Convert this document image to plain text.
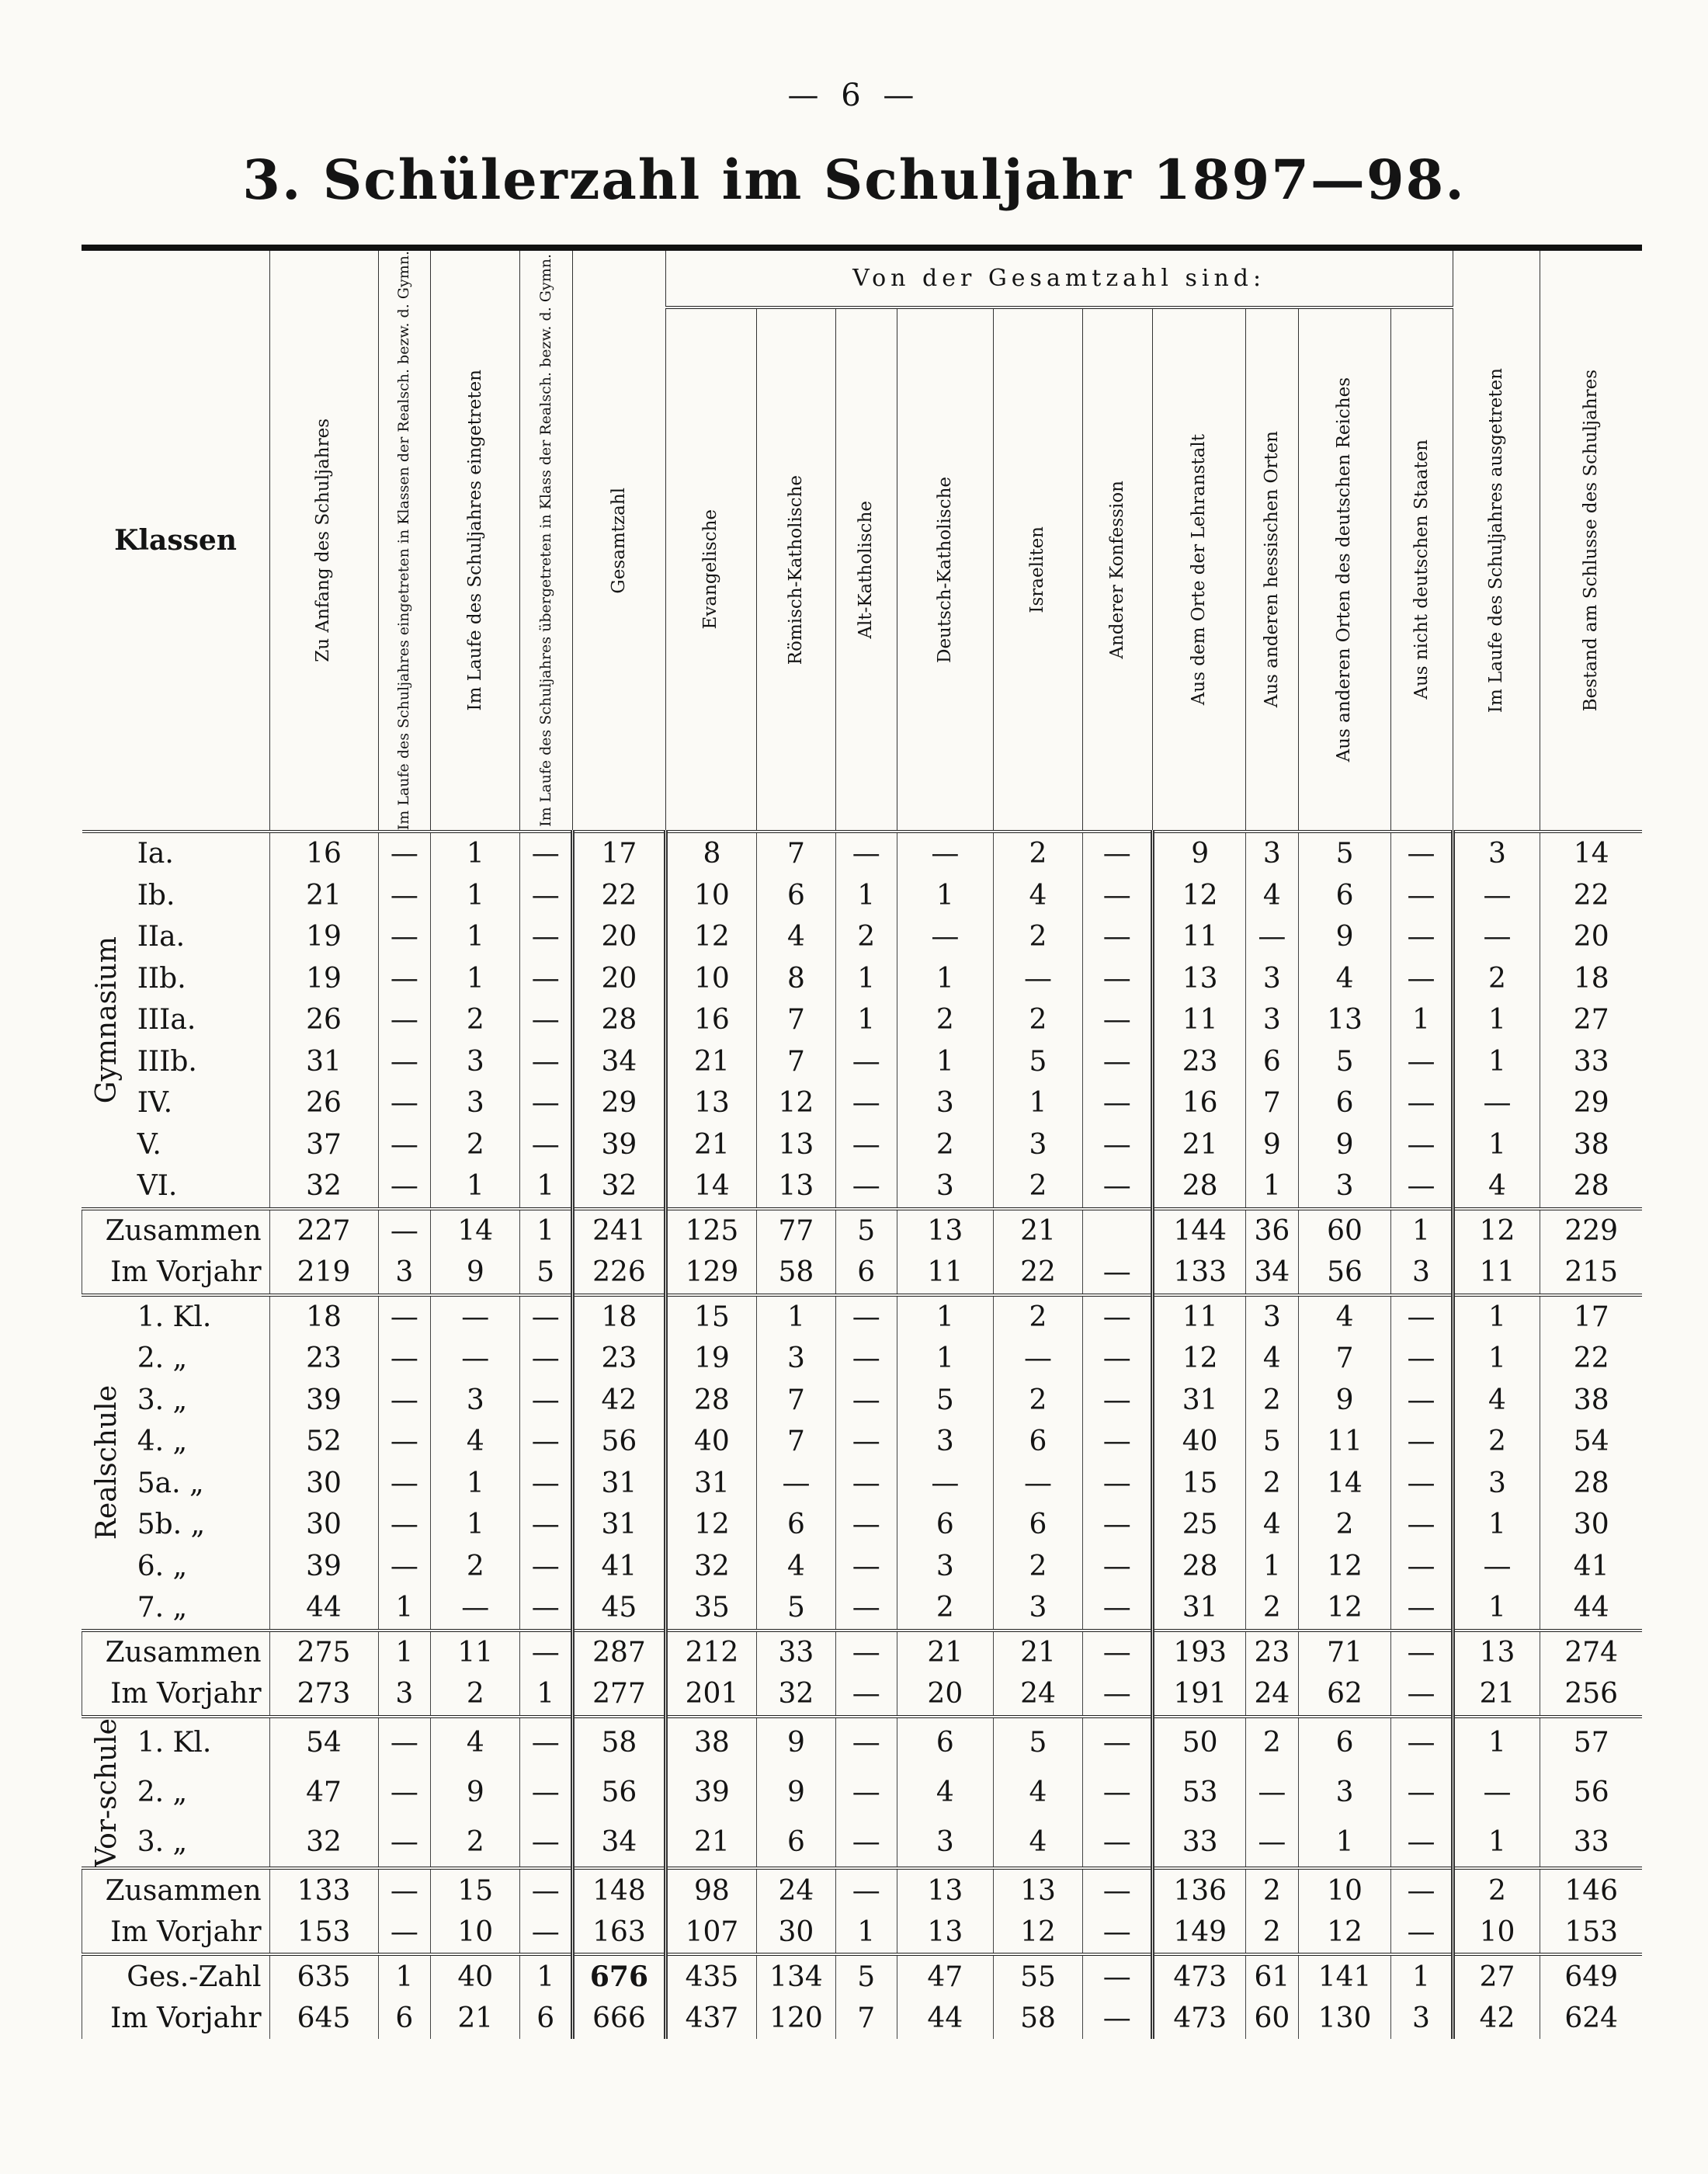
— 6 —
3. Schülerzahl im Schuljahr 1897—98.
Klassen		Zu Anfang des Schuljahres	Im Laufe des Schuljahres eingetreten in Klassen der Realsch. bezw. d. Gymn.	Im Laufe des Schuljahres eingetreten	Im Laufe des Schuljahres übergetreten in Klass der Realsch. bezw. d. Gymn.	Gesamtzahl	Von der Gesamtzahl sind:										Im Laufe des Schuljahres ausgetreten	Bestand am Schlusse des Schuljahres

							Evangelische	Römisch-Katholische	Alt-Katholische	Deutsch-Katholische	Israeliten	Anderer Konfession	Aus dem Orte der Lehranstalt	Aus anderen hessischen Orten	Aus anderen Orten des deutschen Reiches	Aus nicht deutschen Staaten		

Gymnasium	Ia.	16	—	1	—	17	8	7	—	—	2	—	9	3	5	—	3	14
	Ib.	21	—	1	—	22	10	6	1	1	4	—	12	4	6	—	—	22
	IIa.	19	—	1	—	20	12	4	2	—	2	—	11	—	9	—	—	20
	IIb.	19	—	1	—	20	10	8	1	1	—	—	13	3	4	—	2	18
	IIIa.	26	—	2	—	28	16	7	1	2	2	—	11	3	13	1	1	27
	IIIb.	31	—	3	—	34	21	7	—	1	5	—	23	6	5	—	1	33
	IV.	26	—	3	—	29	13	12	—	3	1	—	16	7	6	—	—	29
	V.	37	—	2	—	39	21	13	—	2	3	—	21	9	9	—	1	38
	VI.	32	—	1	1	32	14	13	—	3	2	—	28	1	3	—	4	28
Zusammen		227	—	14	1	241	125	77	5	13	21		144	36	60	1	12	229
Im Vorjahr		219	3	9	5	226	129	58	6	11	22	—	133	34	56	3	11	215

Realschule	1. Kl.	18	—	—	—	18	15	1	—	1	2	—	11	3	4	—	1	17
	2. „	23	—	—	—	23	19	3	—	1	—	—	12	4	7	—	1	22
	3. „	39	—	3	—	42	28	7	—	5	2	—	31	2	9	—	4	38
	4. „	52	—	4	—	56	40	7	—	3	6	—	40	5	11	—	2	54
	5a. „	30	—	1	—	31	31	—	—	—	—	—	15	2	14	—	3	28
	5b. „	30	—	1	—	31	12	6	—	6	6	—	25	4	2	—	1	30
	6. „	39	—	2	—	41	32	4	—	3	2	—	28	1	12	—	—	41
	7. „	44	1	—	—	45	35	5	—	2	3	—	31	2	12	—	1	44
Zusammen		275	1	11	—	287	212	33	—	21	21	—	193	23	71	—	13	274
Im Vorjahr		273	3	2	1	277	201	32	—	20	24	—	191	24	62	—	21	256

Vor-schule	1. Kl.	54	—	4	—	58	38	9	—	6	5	—	50	2	6	—	1	57
	2. „	47	—	9	—	56	39	9	—	4	4	—	53	—	3	—	—	56
	3. „	32	—	2	—	34	21	6	—	3	4	—	33	—	1	—	1	33
Zusammen		133	—	15	—	148	98	24	—	13	13	—	136	2	10	—	2	146
Im Vorjahr		153	—	10	—	163	107	30	1	13	12	—	149	2	12	—	10	153
Ges.-Zahl		635	1	40	1	676	435	134	5	47	55	—	473	61	141	1	27	649
Im Vorjahr		645	6	21	6	666	437	120	7	44	58	—	473	60	130	3	42	624
